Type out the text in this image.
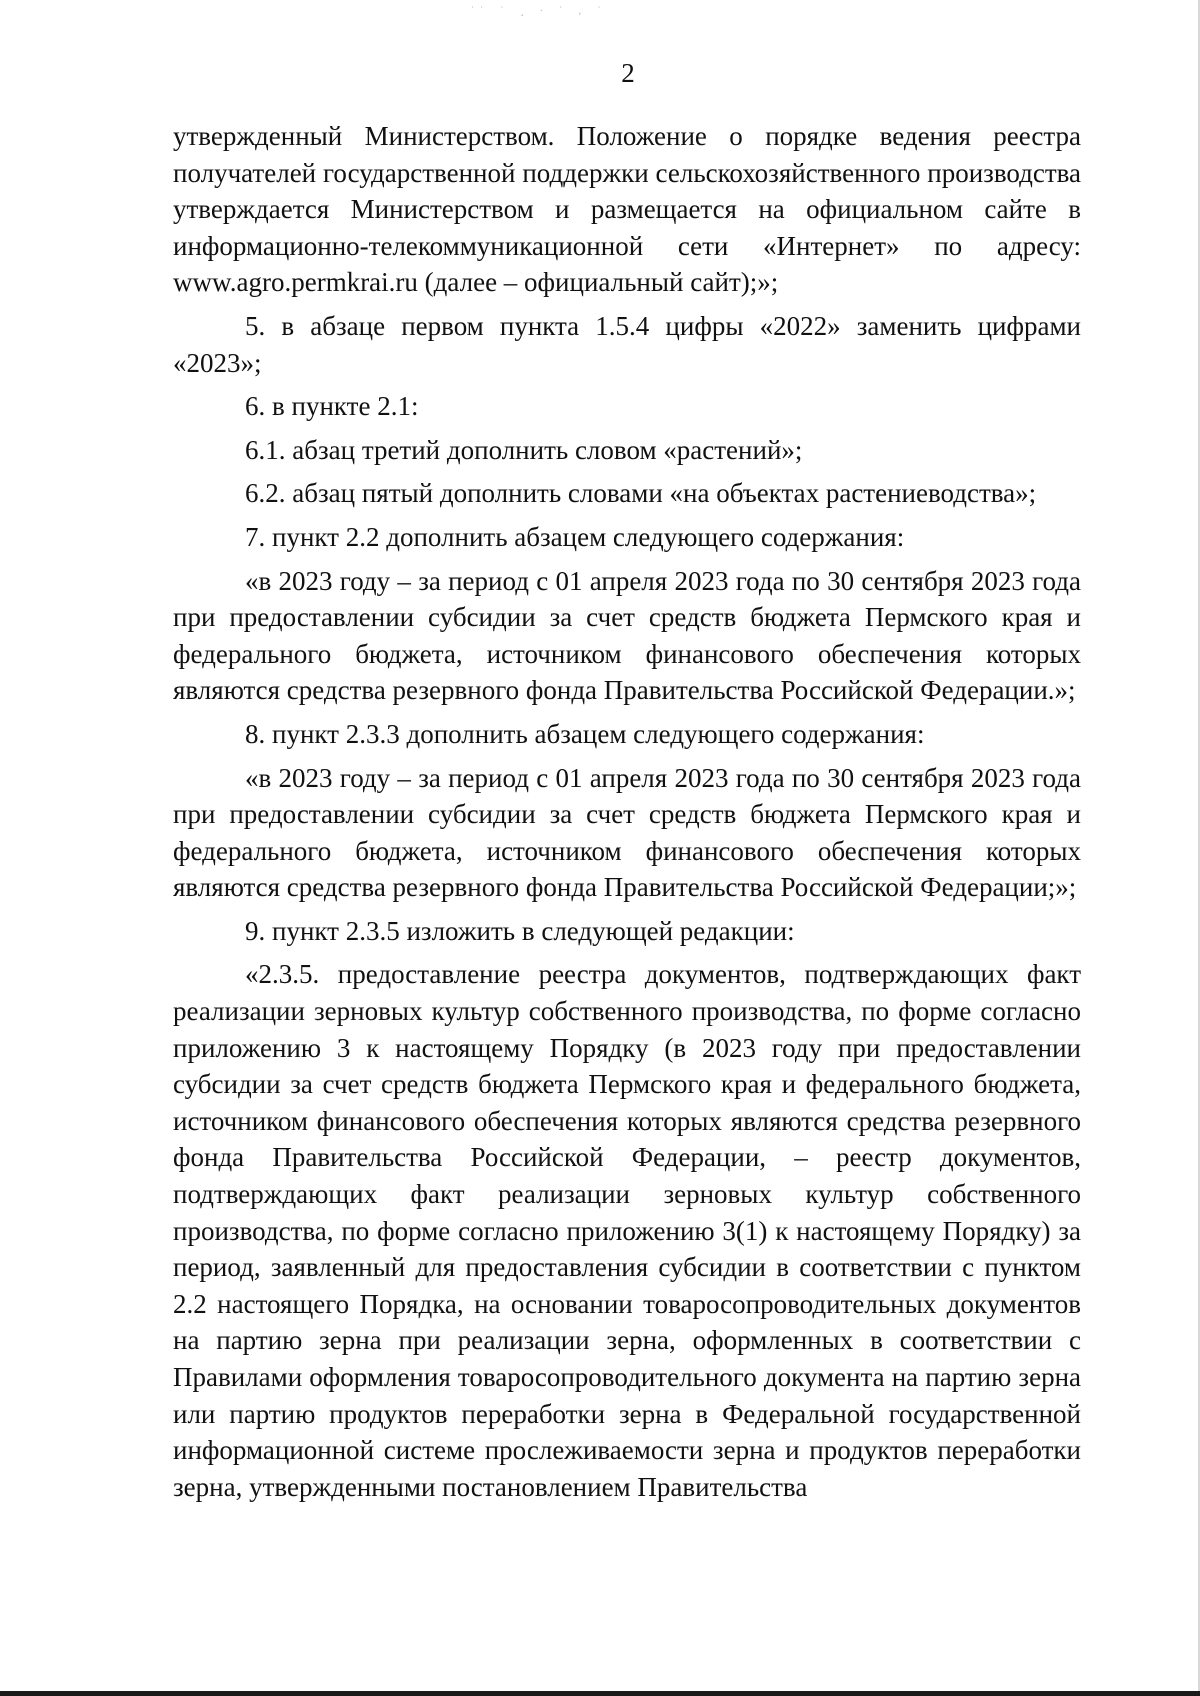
˙ ̇ ˙ ¸ · ˙ ‚ ˙
2

утвержденный Министерством. Положение о порядке ведения реестра получателей государственной поддержки сельскохозяйственного производства утверждается Министерством и размещается на официальном сайте в информационно-телекоммуникационной сети «Интернет» по адресу: www.agro.permkrai.ru (далее – официальный сайт);»;

5. в абзаце первом пункта 1.5.4 цифры «2022» заменить цифрами «2023»;

6. в пункте 2.1:

6.1. абзац третий дополнить словом «растений»;

6.2. абзац пятый дополнить словами «на объектах растениеводства»;

7. пункт 2.2 дополнить абзацем следующего содержания:

«в 2023 году – за период с 01 апреля 2023 года по 30 сентября 2023 года при предоставлении субсидии за счет средств бюджета Пермского края и федерального бюджета, источником финансового обеспечения которых являются средства резервного фонда Правительства Российской Федерации.»;

8. пункт 2.3.3 дополнить абзацем следующего содержания:

«в 2023 году – за период с 01 апреля 2023 года по 30 сентября 2023 года при предоставлении субсидии за счет средств бюджета Пермского края и федерального бюджета, источником финансового обеспечения которых являются средства резервного фонда Правительства Российской Федерации;»;

9. пункт 2.3.5 изложить в следующей редакции:

«2.3.5. предоставление реестра документов, подтверждающих факт реализации зерновых культур собственного производства, по форме согласно приложению 3 к настоящему Порядку (в 2023 году при предоставлении субсидии за счет средств бюджета Пермского края и федерального бюджета, источником финансового обеспечения которых являются средства резервного фонда Правительства Российской Федерации, – реестр документов, подтверждающих факт реализации зерновых культур собственного производства, по форме согласно приложению 3(1) к настоящему Порядку) за период, заявленный для предоставления субсидии в соответствии с пунктом 2.2 настоящего Порядка, на основании товаросопроводительных документов на партию зерна при реализации зерна, оформленных в соответствии с Правилами оформления товаросопроводительного документа на партию зерна или партию продуктов переработки зерна в Федеральной государственной информационной системе прослеживаемости зерна и продуктов переработки зерна, утвержденными постановлением Правительства
